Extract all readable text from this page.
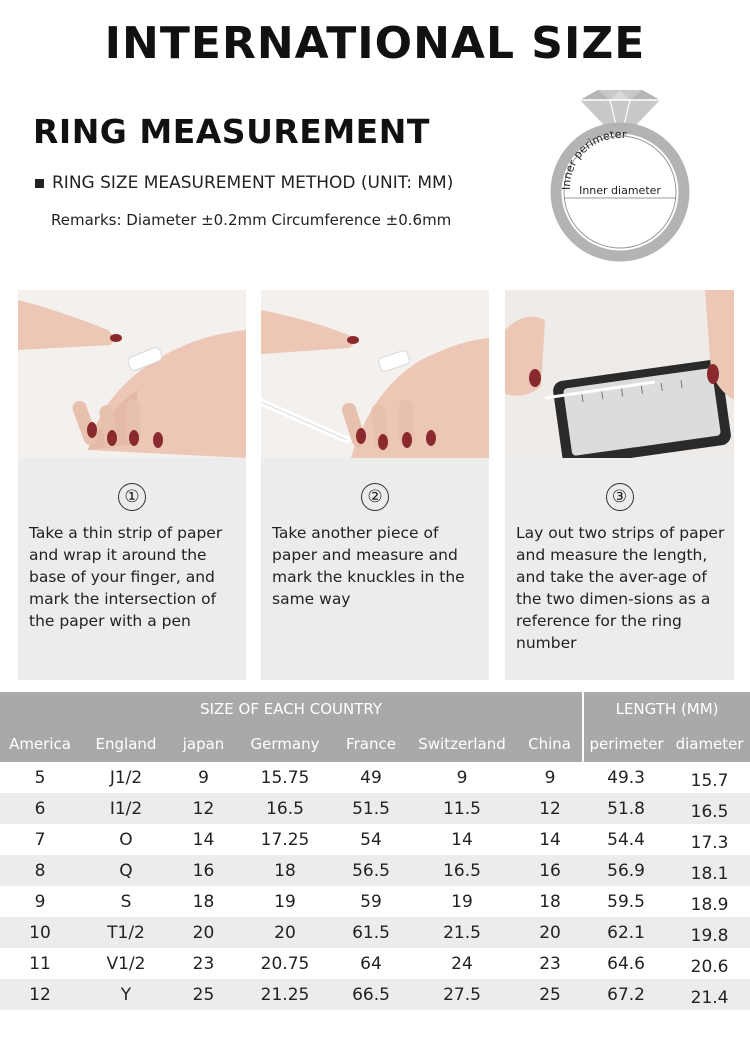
INTERNATIONAL SIZE
RING MEASUREMENT
RING SIZE MEASUREMENT METHOD (UNIT: MM)
Remarks: Diameter ±0.2mm Circumference ±0.6mm
Inner perimeter
Inner diameter
①
Take a thin strip of paper and wrap it around the base of your finger, and mark the intersection of the paper with a pen
②
Take another piece of paper and measure and mark the knuckles in the same way
③
Lay out two strips of paper and measure the length, and take the aver-age of the two dimen-sions as a reference for the ring number
SIZE OF EACH COUNTRY							LENGTH (MM)	
America	England	japan	Germany	France	Switzerland	China	perimeter	diameter
5	J1/2	9	15.75	49	9	9	49.3	15.7
6	I1/2	12	16.5	51.5	11.5	12	51.8	16.5
7	O	14	17.25	54	14	14	54.4	17.3
8	Q	16	18	56.5	16.5	16	56.9	18.1
9	S	18	19	59	19	18	59.5	18.9
10	T1/2	20	20	61.5	21.5	20	62.1	19.8
11	V1/2	23	20.75	64	24	23	64.6	20.6
12	Y	25	21.25	66.5	27.5	25	67.2	21.4
